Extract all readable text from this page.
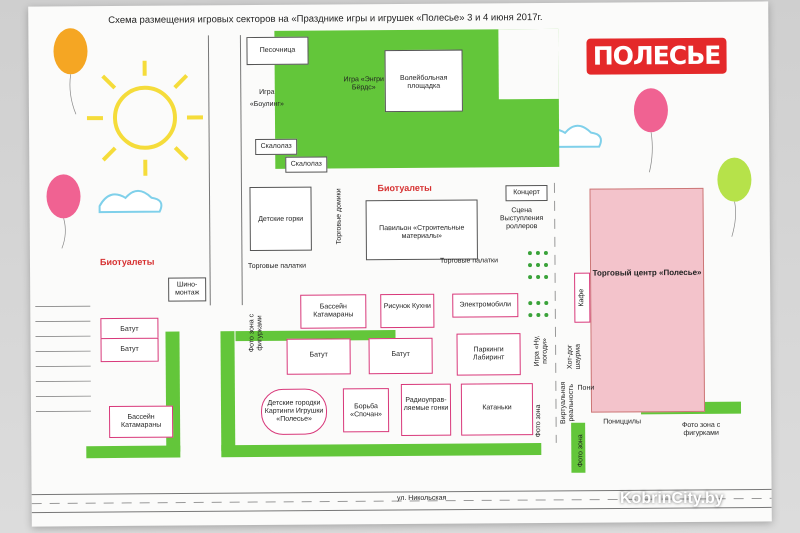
Схема размещения игровых секторов на «Празднике игры и игрушек «Полесье» 3 и 4 июня 2017г.
ПОЛЕСЬЕ
Песочница
Волейбольная площадка
Игра «Энгри Бёрдс»
Игра
«Боулинг»
Скалолаз
Скалолаз
Биотуалеты	Концерт
Сцена Выступления роллеров
Детские горки
Торговые палатки
Торговые домики	Павильон «Строительные материалы»
Торговые палатки
Биотуалеты
Шино-монтаж
Батут
Батут
Бассейн Катамараны
Фото зона с фигурками
Бассейн Катамараны
Рисунок Кухни	Электромобили
Батут	Батут
Паркинги Лабиринт	Игра «Ну, погоди»
Детские городки Картинги Игрушки «Полесье»
Борьба «Спочан»
Радиоуправ-ляемые гонки	Катаньки
Торговый центр «Полесье»
Кафе
Хот-дог шаурма
Фото зона	Виртуальная реальность
Фото зона
Пони
Пониццилы	Фото зона с фигурками
ул. Никольская	KobrinCity.by
